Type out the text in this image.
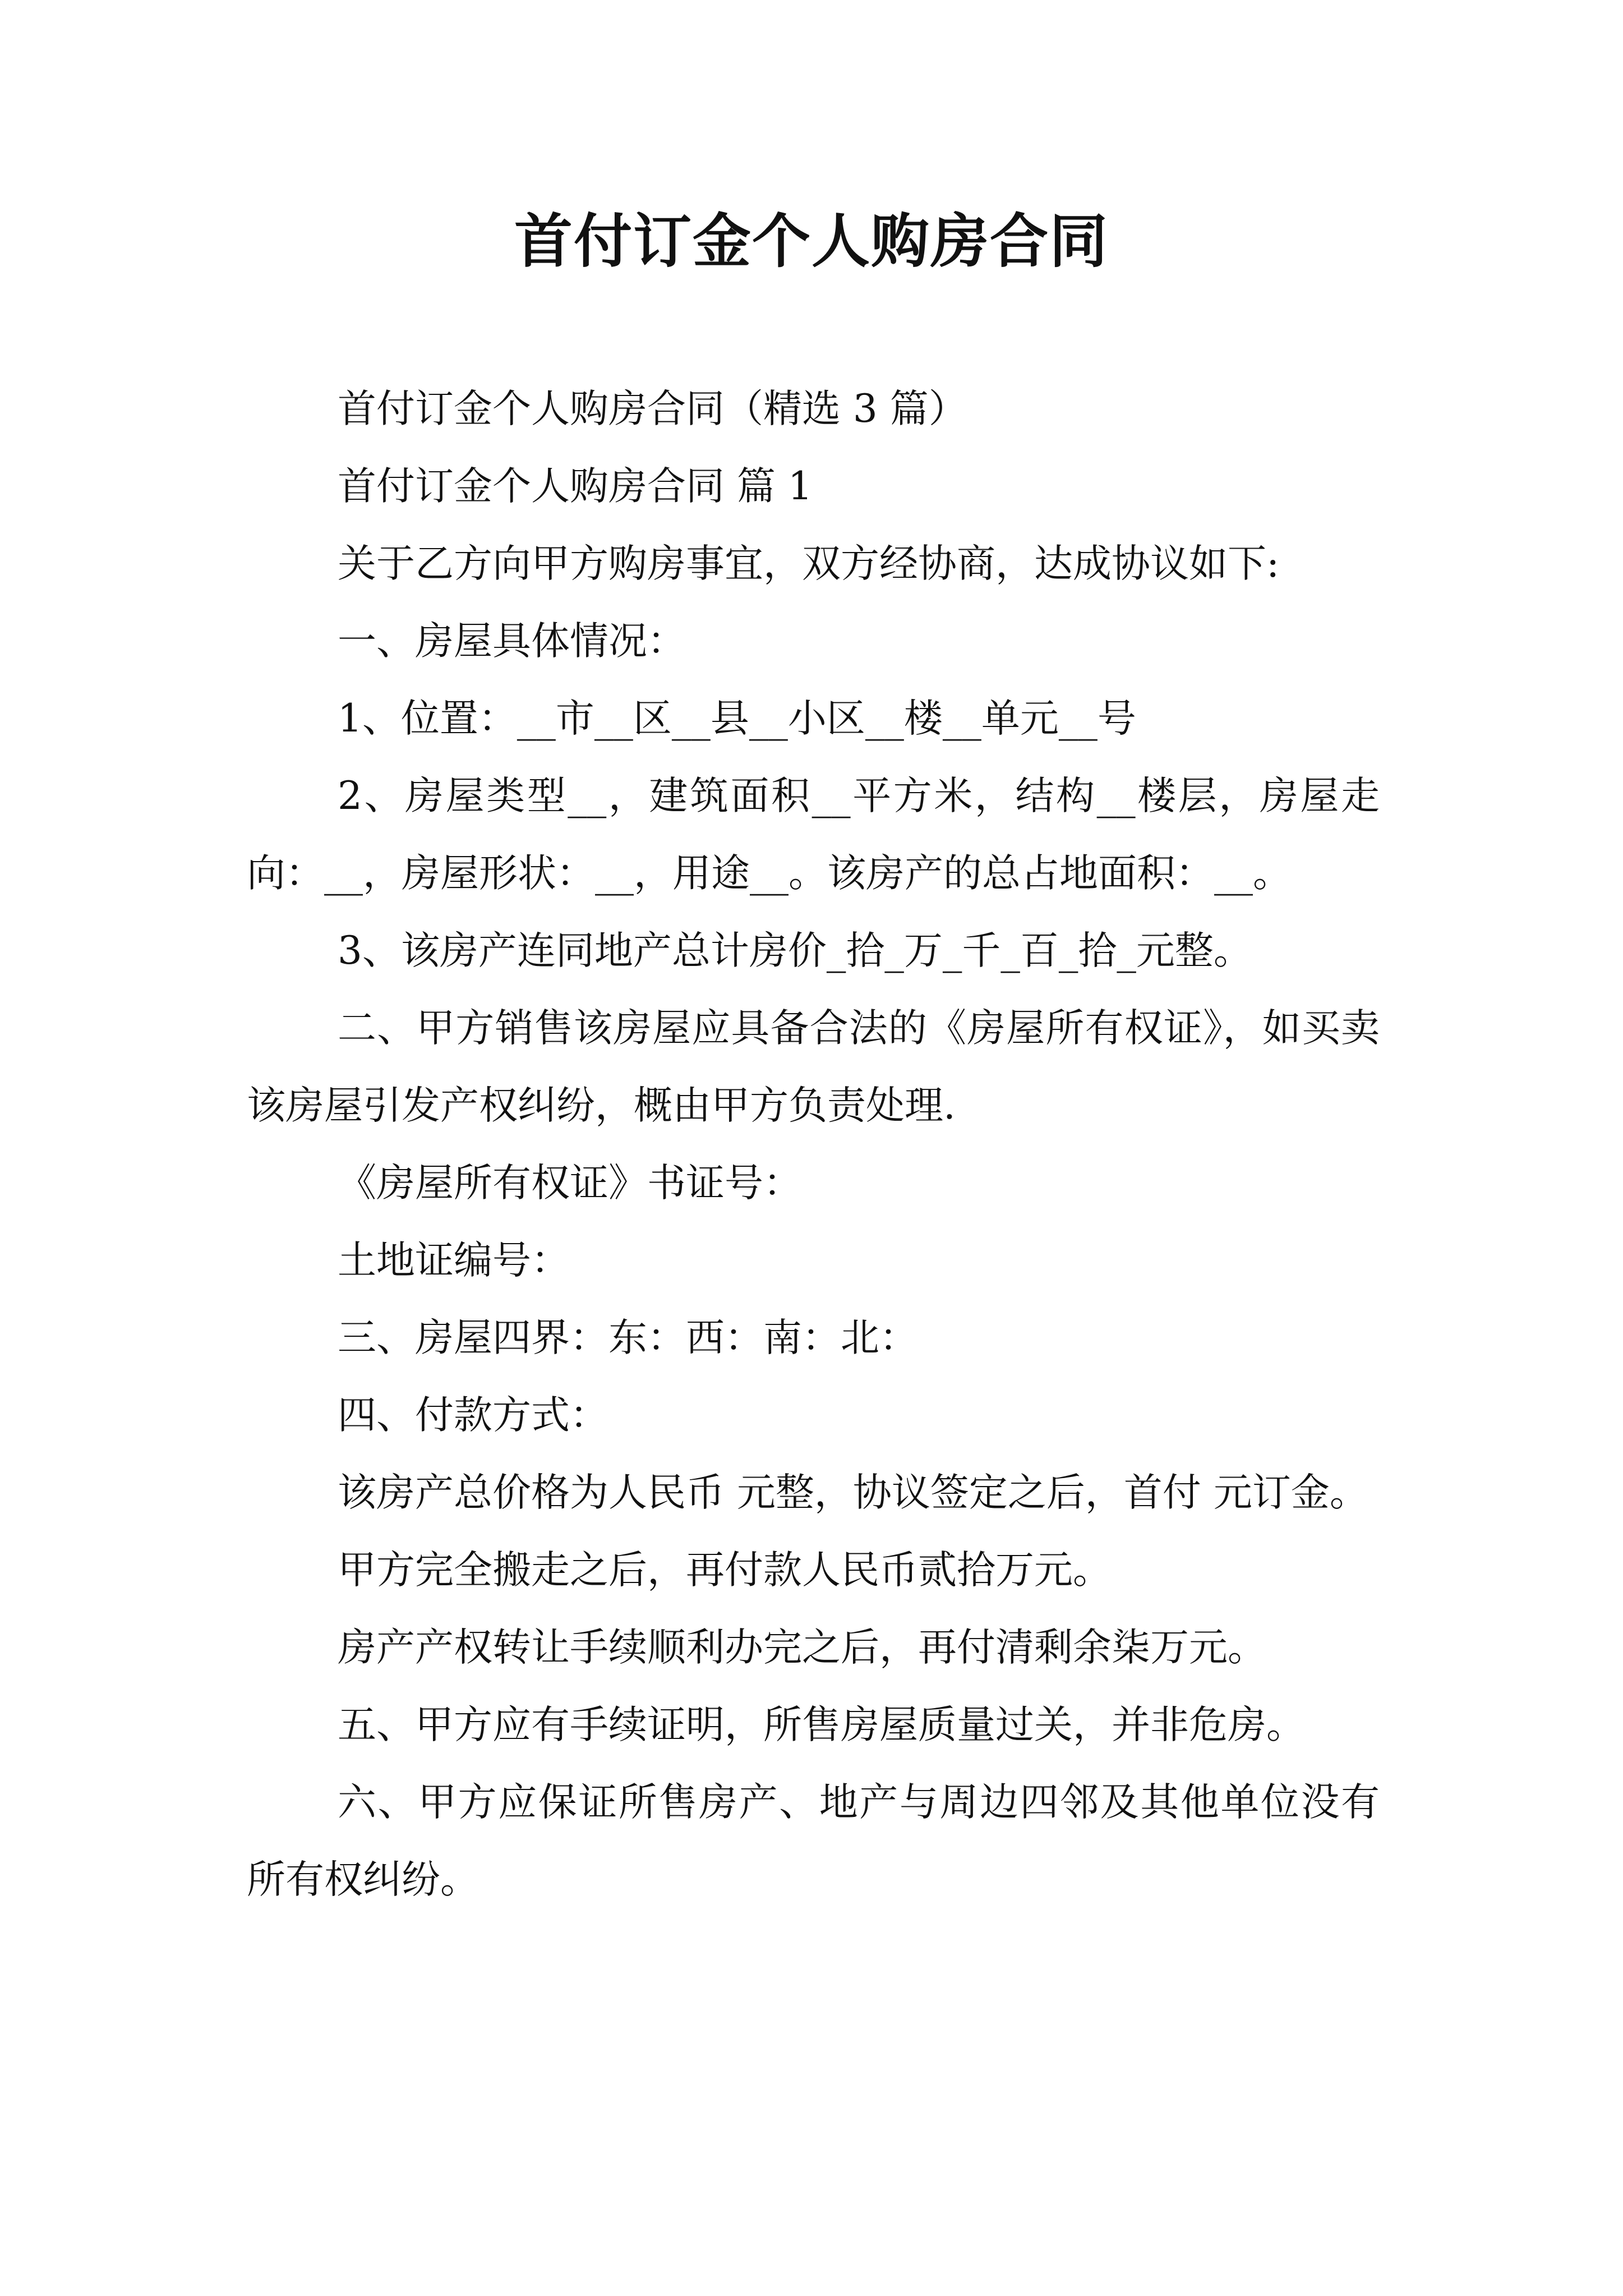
首付订金个人购房合同

首付订金个人购房合同（精选 3 篇）

首付订金个人购房合同 篇 1

关于乙方向甲方购房事宜，双方经协商，达成协议如下:

一、房屋具体情况：

1、位置：__市__区__县__小区__楼__单元__号

2、房屋类型__，建筑面积__平方米，结构__楼层，房屋走向：__，房屋形状：__，用途__。该房产的总占地面积：__。

3、该房产连同地产总计房价_拾_万_千_百_拾_元整。

二、甲方销售该房屋应具备合法的《房屋所有权证》，如买卖该房屋引发产权纠纷，概由甲方负责处理.

《房屋所有权证》书证号：

土地证编号：

三、房屋四界：东：西：南：北：

四、付款方式：

该房产总价格为人民币 元整，协议签定之后，首付 元订金。

甲方完全搬走之后，再付款人民币贰拾万元。

房产产权转让手续顺利办完之后，再付清剩余柒万元。

五、甲方应有手续证明，所售房屋质量过关，并非危房。

六、甲方应保证所售房产、地产与周边四邻及其他单位没有所有权纠纷。
